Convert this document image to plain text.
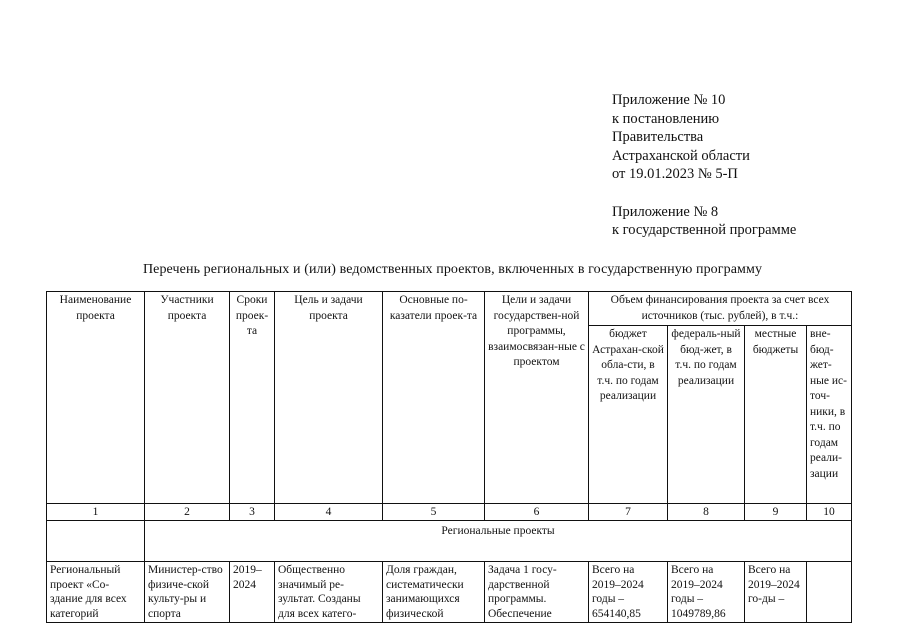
Приложение № 10
к постановлению
Правительства
Астраханской области
от 19.01.2023 № 5-П
Приложение № 8
к государственной программе
Перечень региональных и (или) ведомственных проектов, включенных в государственную программу
Наименование проекта	Участники проекта	Сроки проек-та	Цель и задачи проекта	Основные по-казатели проек-та	Цели и задачи государствен-ной программы, взаимосвязан-ные с проектом	Объем финансирования проекта за счет всех источников (тыс. рублей), в т.ч.:			
						бюджет Астрахан-ской обла-сти, в т.ч. по годам реализации	федераль-ный бюд-жет, в т.ч. по годам реализации	местные бюджеты	вне-бюд-жет-ные ис-точ-ники, в т.ч. по годам реали-зации
1	2	3	4	5	6	7	8	9	10
	Региональные проекты								
Региональный проект «Со-здание для всех категорий	Министер-ство физиче-ской культу-ры и спорта	2019–2024	Общественно значимый ре-зультат. Созданы для всех катего-	Доля граждан, систематически занимающихся физической	Задача 1 госу-дарственной программы. Обеспечение	Всего на 2019–2024 годы – 654140,85	Всего на 2019–2024 годы – 1049789,86	Всего на 2019–2024 го-ды –	
